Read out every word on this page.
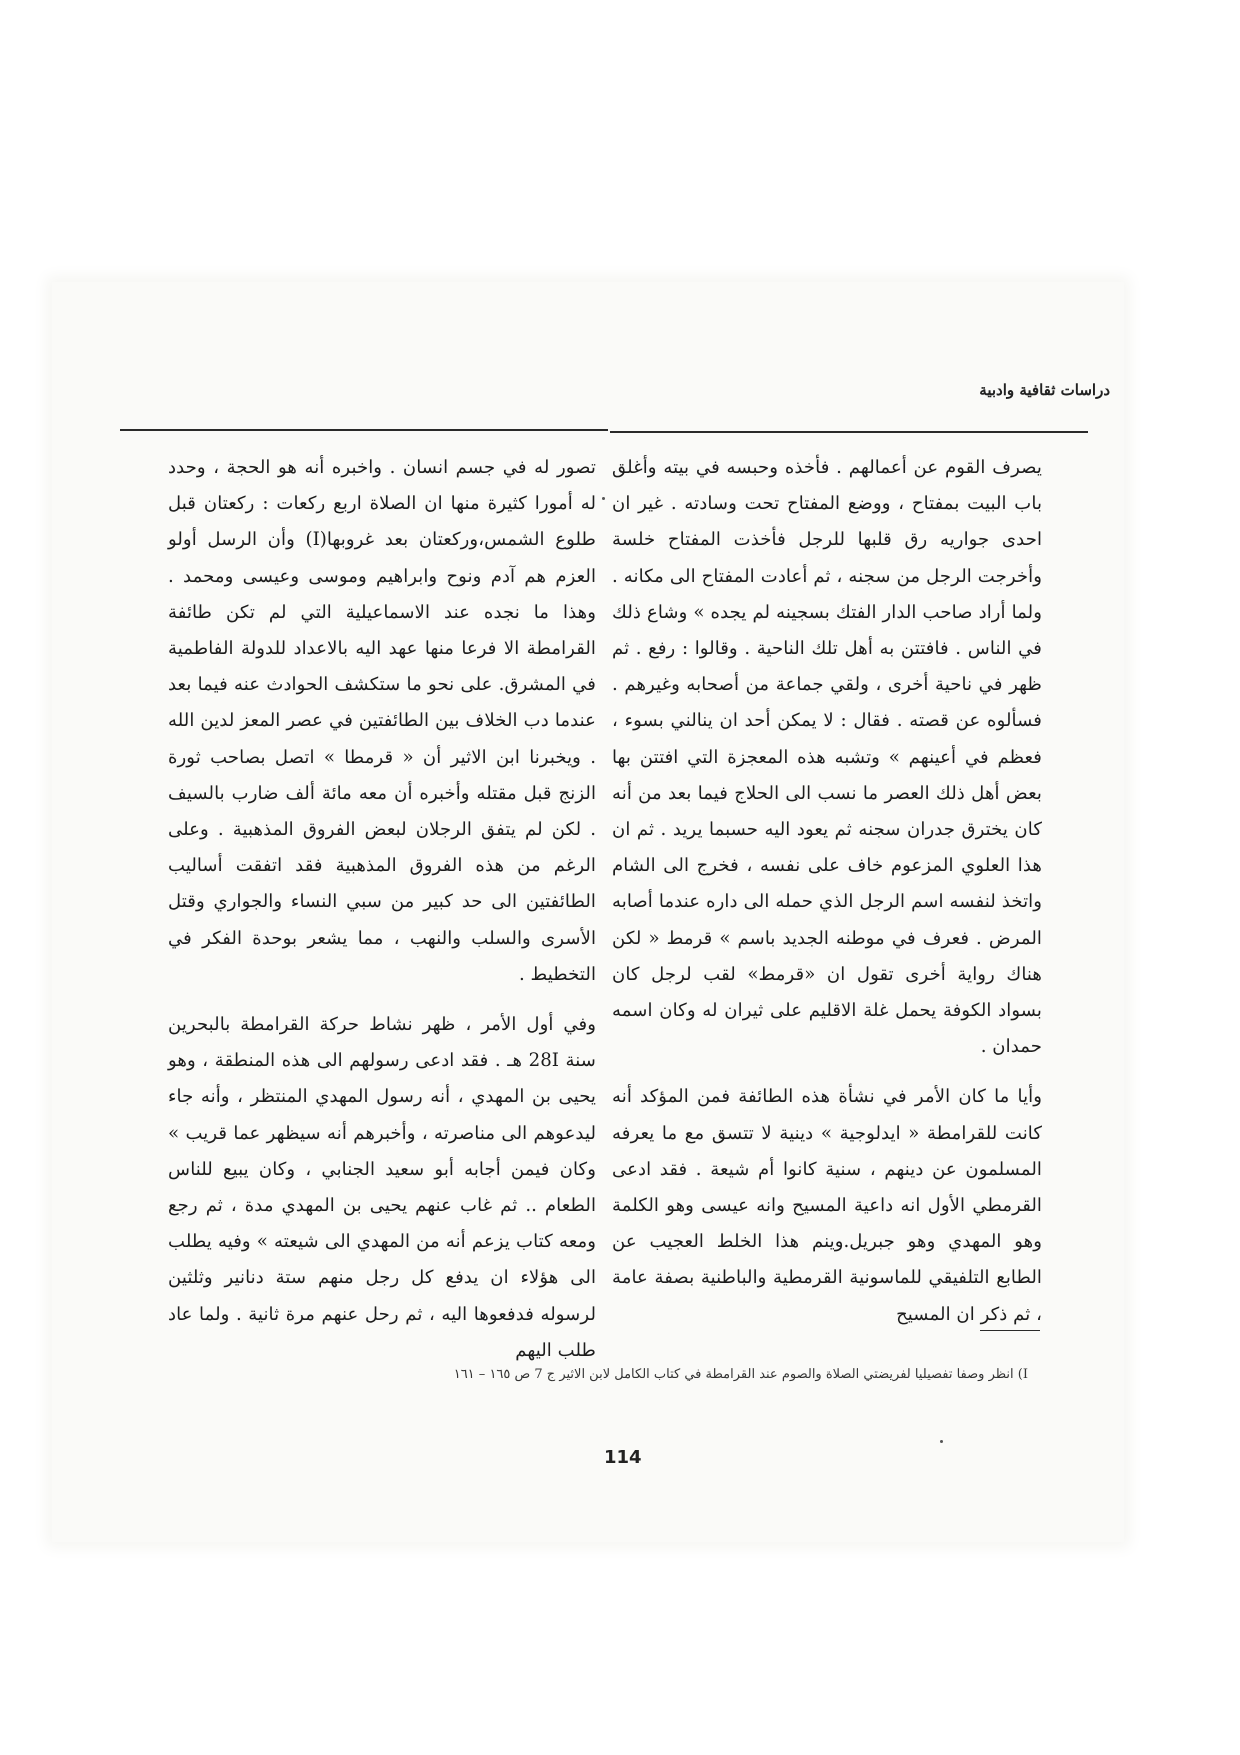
دراسات ثقافية وادبية

يصرف القوم عن أعمالهم . فأخذه وحبسه في بيته وأغلق باب البيت بمفتاح ، ووضع المفتاح تحت وسادته . غير ان احدى جواريه رق قلبها للرجل فأخذت المفتاح خلسة وأخرجت الرجل من سجنه ، ثم أعادت المفتاح الى مكانه . ولما أراد صاحب الدار الفتك بسجينه لم يجده » وشاع ذلك في الناس . فافتتن به أهل تلك الناحية . وقالوا : رفع . ثم ظهر في ناحية أخرى ، ولقي جماعة من أصحابه وغيرهم . فسألوه عن قصته . فقال : لا يمكن أحد ان ينالني بسوء ، فعظم في أعينهم » وتشبه هذه المعجزة التي افتتن بها بعض أهل ذلك العصر ما نسب الى الحلاج فيما بعد من أنه كان يخترق جدران سجنه ثم يعود اليه حسبما يريد . ثم ان هذا العلوي المزعوم خاف على نفسه ، فخرج الى الشام واتخذ لنفسه اسم الرجل الذي حمله الى داره عندما أصابه المرض . فعرف في موطنه الجديد باسم » قرمط « لكن هناك رواية أخرى تقول ان «قرمط» لقب لرجل كان بسواد الكوفة يحمل غلة الاقليم على ثيران له وكان اسمه حمدان .

وأيا ما كان الأمر في نشأة هذه الطائفة فمن المؤكد أنه كانت للقرامطة « ايدلوجية » دينية لا تتسق مع ما يعرفه المسلمون عن دينهم ، سنية كانوا أم شيعة . فقد ادعى القرمطي الأول انه داعية المسيح وانه عيسى وهو الكلمة وهو المهدي وهو جبريل.وينم هذا الخلط العجيب عن الطابع التلفيقي للماسونية القرمطية والباطنية بصفة عامة ، ثم ذكر ان المسيح

تصور له في جسم انسان . واخبره أنه هو الحجة ، وحدد له أمورا كثيرة منها ان الصلاة اربع ركعات : ركعتان قبل طلوع الشمس،وركعتان بعد غروبها(I) وأن الرسل أولو العزم هم آدم ونوح وابراهيم وموسى وعيسى ومحمد . وهذا ما نجده عند الاسماعيلية التي لم تكن طائفة القرامطة الا فرعا منها عهد اليه بالاعداد للدولة الفاطمية في المشرق. على نحو ما ستكشف الحوادث عنه فيما بعد عندما دب الخلاف بين الطائفتين في عصر المعز لدين الله . ويخبرنا ابن الاثير أن « قرمطا » اتصل بصاحب ثورة الزنج قبل مقتله وأخبره أن معه مائة ألف ضارب بالسيف . لكن لم يتفق الرجلان لبعض الفروق المذهبية . وعلى الرغم من هذه الفروق المذهبية فقد اتفقت أساليب الطائفتين الى حد كبير من سبي النساء والجواري وقتل الأسرى والسلب والنهب ، مما يشعر بوحدة الفكر في التخطيط .

وفي أول الأمر ، ظهر نشاط حركة القرامطة بالبحرين سنة 28I هـ . فقد ادعى رسولهم الى هذه المنطقة ، وهو يحيى بن المهدي ، أنه رسول المهدي المنتظر ، وأنه جاء ليدعوهم الى مناصرته ، وأخبرهم أنه سيظهر عما قريب » وكان فيمن أجابه أبو سعيد الجنابي ، وكان يبيع للناس الطعام .. ثم غاب عنهم يحيى بن المهدي مدة ، ثم رجع ومعه كتاب يزعم أنه من المهدي الى شيعته » وفيه يطلب الى هؤلاء ان يدفع كل رجل منهم ستة دنانير وثلثين لرسوله فدفعوها اليه ، ثم رحل عنهم مرة ثانية . ولما عاد طلب اليهم

I) انظر وصفا تفصيليا لفريضتي الصلاة والصوم عند القرامطة في كتاب الكامل لابن الاثير ج 7 ص ١٦٥ – ١٦١

114
